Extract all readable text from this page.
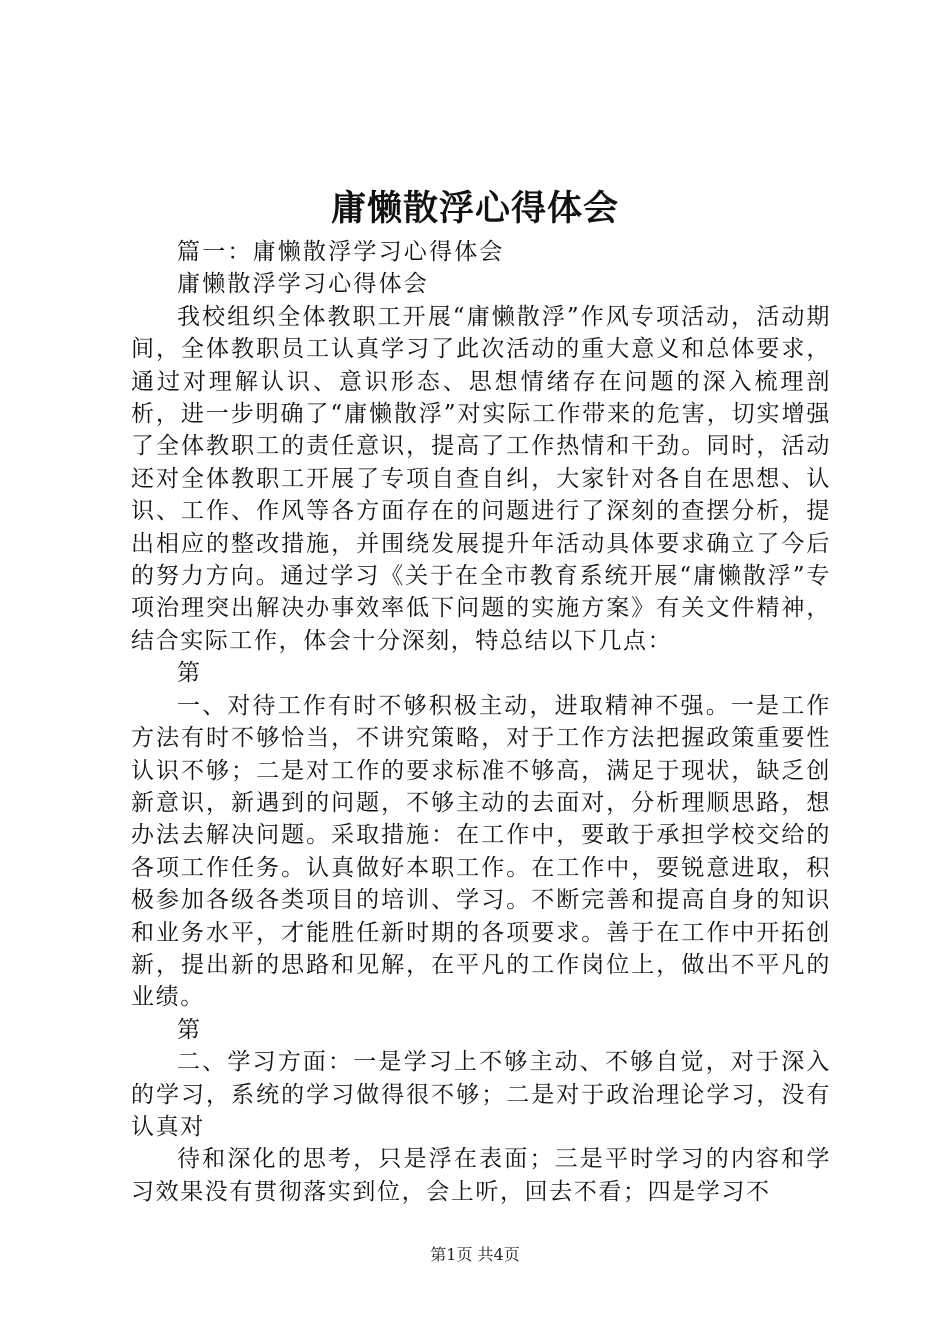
庸懒散浮心得体会

篇一：庸懒散浮学习心得体会

庸懒散浮学习心得体会

我校组织全体教职工开展“庸懒散浮”作风专项活动，活动期间，全体教职员工认真学习了此次活动的重大意义和总体要求，通过对理解认识、意识形态、思想情绪存在问题的深入梳理剖析，进一步明确了“庸懒散浮”对实际工作带来的危害，切实增强了全体教职工的责任意识，提高了工作热情和干劲。同时，活动还对全体教职工开展了专项自查自纠，大家针对各自在思想、认识、工作、作风等各方面存在的问题进行了深刻的查摆分析，提出相应的整改措施，并围绕发展提升年活动具体要求确立了今后的努力方向。通过学习《关于在全市教育系统开展“庸懒散浮”专项治理突出解决办事效率低下问题的实施方案》有关文件精神，结合实际工作，体会十分深刻，特总结以下几点：

第

一、对待工作有时不够积极主动，进取精神不强。一是工作方法有时不够恰当，不讲究策略，对于工作方法把握政策重要性认识不够；二是对工作的要求标准不够高，满足于现状，缺乏创新意识，新遇到的问题，不够主动的去面对，分析理顺思路，想办法去解决问题。采取措施：在工作中，要敢于承担学校交给的各项工作任务。认真做好本职工作。在工作中，要锐意进取，积极参加各级各类项目的培训、学习。不断完善和提高自身的知识和业务水平，才能胜任新时期的各项要求。善于在工作中开拓创新，提出新的思路和见解，在平凡的工作岗位上，做出不平凡的业绩。

第

二、学习方面：一是学习上不够主动、不够自觉，对于深入的学习，系统的学习做得很不够；二是对于政治理论学习，没有认真对

待和深化的思考，只是浮在表面；三是平时学习的内容和学习效果没有贯彻落实到位，会上听，回去不看；四是学习不

第1页 共4页
